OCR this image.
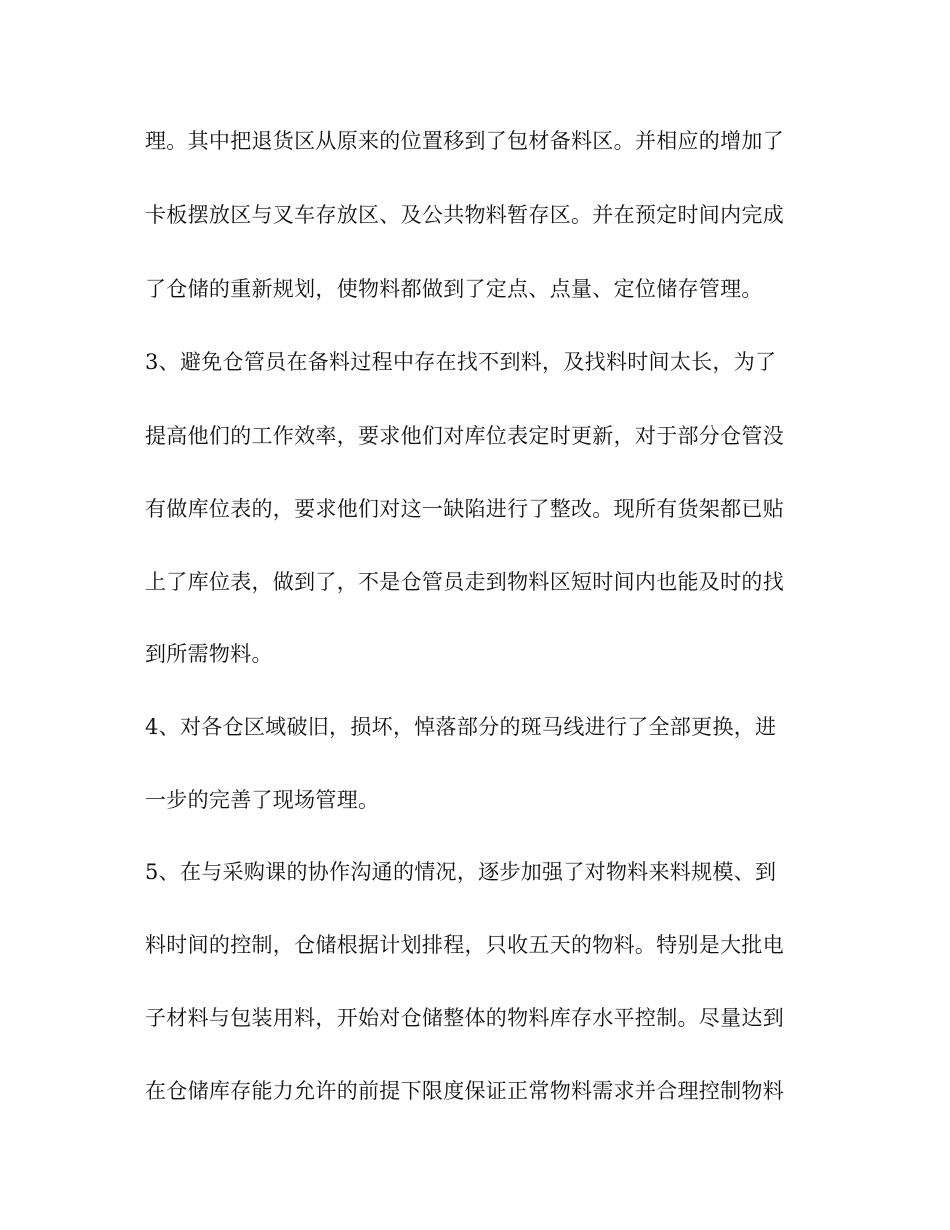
理。其中把退货区从原来的位置移到了包材备料区。并相应的增加了
卡板摆放区与叉车存放区、及公共物料暂存区。并在预定时间内完成
了仓储的重新规划，使物料都做到了定点、点量、定位储存管理。
3、避免仓管员在备料过程中存在找不到料，及找料时间太长，为了
提高他们的工作效率，要求他们对库位表定时更新，对于部分仓管没
有做库位表的，要求他们对这一缺陷进行了整改。现所有货架都已贴
上了库位表，做到了，不是仓管员走到物料区短时间内也能及时的找
到所需物料。
4、对各仓区域破旧，损坏，悼落部分的斑马线进行了全部更换，进
一步的完善了现场管理。
5、在与采购课的协作沟通的情况，逐步加强了对物料来料规模、到
料时间的控制，仓储根据计划排程，只收五天的物料。特别是大批电
子材料与包装用料，开始对仓储整体的物料库存水平控制。尽量达到
在仓储库存能力允许的前提下限度保证正常物料需求并合理控制物料
